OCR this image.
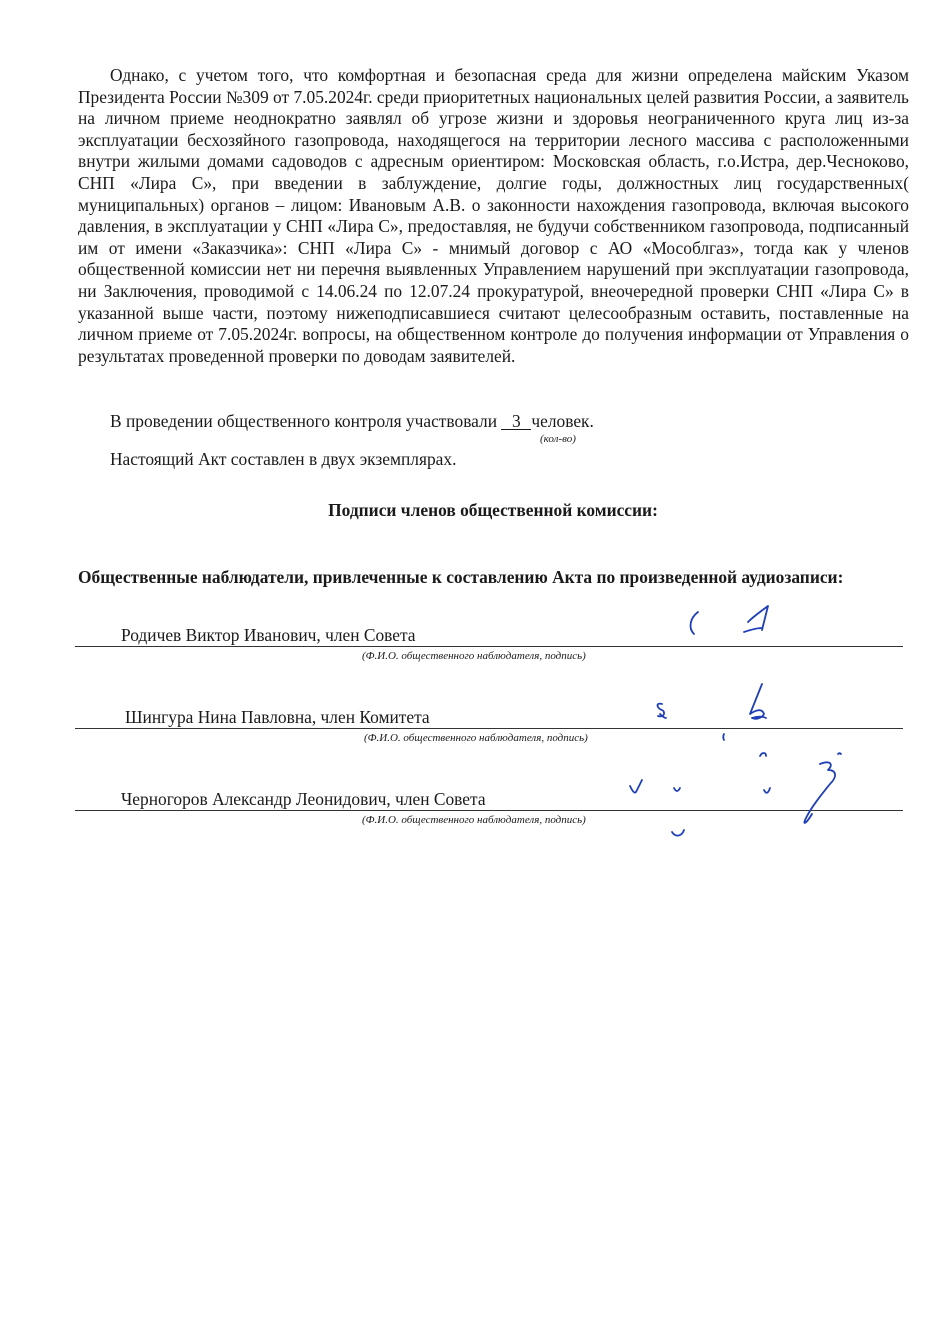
Однако, с учетом того, что комфортная и безопасная среда для жизни определена майским Указом Президента России №309 от 7.05.2024г. среди приоритетных национальных целей развития России, а заявитель на личном приеме неоднократно заявлял об угрозе жизни и здоровья неограниченного круга лиц из-за эксплуатации бесхозяйного газопровода, находящегося на территории лесного массива с расположенными внутри жилыми домами садоводов с адресным ориентиром: Московская область, г.о.Истра, дер.Чесноково, СНП «Лира С», при введении в заблуждение, долгие годы, должностных лиц государственных( муниципальных) органов – лицом: Ивановым А.В. о законности нахождения газопровода, включая высокого давления, в эксплуатации у СНП «Лира С», предоставляя, не будучи собственником газопровода, подписанный им от имени «Заказчика»: СНП «Лира С» - мнимый договор с АО «Мособлгаз», тогда как у членов общественной комиссии нет ни перечня выявленных Управлением нарушений при эксплуатации газопровода, ни Заключения, проводимой с 14.06.24 по 12.07.24 прокуратурой, внеочередной проверки СНП «Лира С» в указанной выше части, поэтому нижеподписавшиеся считают целесообразным оставить, поставленные на личном приеме от 7.05.2024г. вопросы, на общественном контроле до получения информации от Управления о результатах проведенной проверки по доводам заявителей.

В проведении общественного контроля участвовали 3 человек.
(кол-во)
Настоящий Акт составлен в двух экземплярах.
Подписи членов общественной комиссии:
Общественные наблюдатели, привлеченные к составлению Акта по произведенной аудиозаписи:
Родичев Виктор Иванович, член Совета
(Ф.И.О. общественного наблюдателя, подпись)
Шингура Нина Павловна, член Комитета
(Ф.И.О. общественного наблюдателя, подпись)
Черногоров Александр Леонидович, член Совета
(Ф.И.О. общественного наблюдателя, подпись)
